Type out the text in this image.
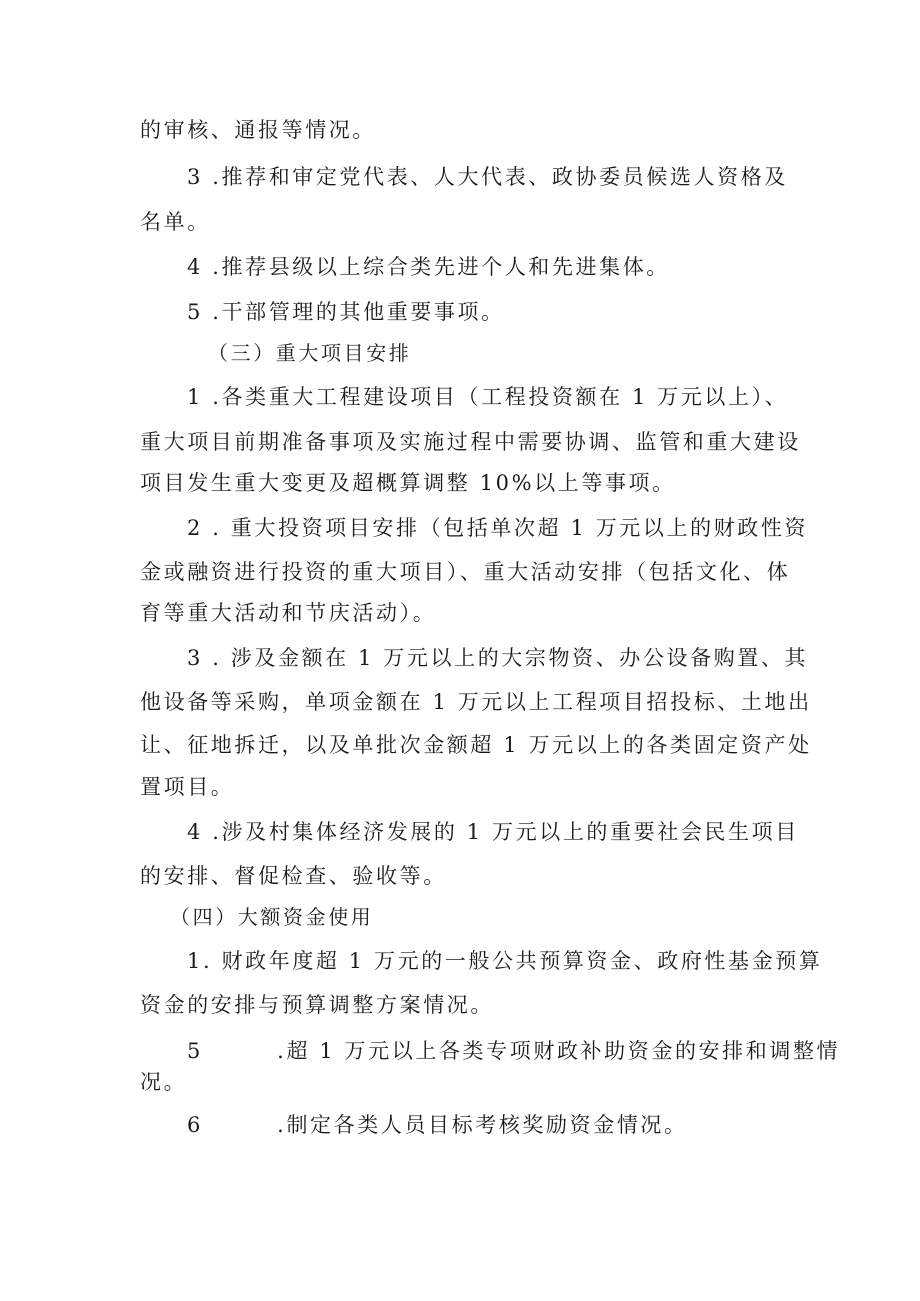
的审核、通报等情况。
3 .推荐和审定党代表、人大代表、政协委员候选人资格及
名单。
4 .推荐县级以上综合类先进个人和先进集体。
5 .干部管理的其他重要事项。
（三）重大项目安排
1 .各类重大工程建设项目（工程投资额在 1 万元以上）、
重大项目前期准备事项及实施过程中需要协调、监管和重大建设
项目发生重大变更及超概算调整 10%以上等事项。
2 . 重大投资项目安排（包括单次超 1 万元以上的财政性资
金或融资进行投资的重大项目）、重大活动安排（包括文化、体
育等重大活动和节庆活动）。
3 . 涉及金额在 1 万元以上的大宗物资、办公设备购置、其
他设备等采购，单项金额在 1 万元以上工程项目招投标、土地出
让、征地拆迁，以及单批次金额超 1 万元以上的各类固定资产处
置项目。
4 .涉及村集体经济发展的 1 万元以上的重要社会民生项目
的安排、督促检查、验收等。
（四）大额资金使用
1. 财政年度超 1 万元的一般公共预算资金、政府性基金预算
资金的安排与预算调整方案情况。
5        .超 1 万元以上各类专项财政补助资金的安排和调整情
况。
6        .制定各类人员目标考核奖励资金情况。
